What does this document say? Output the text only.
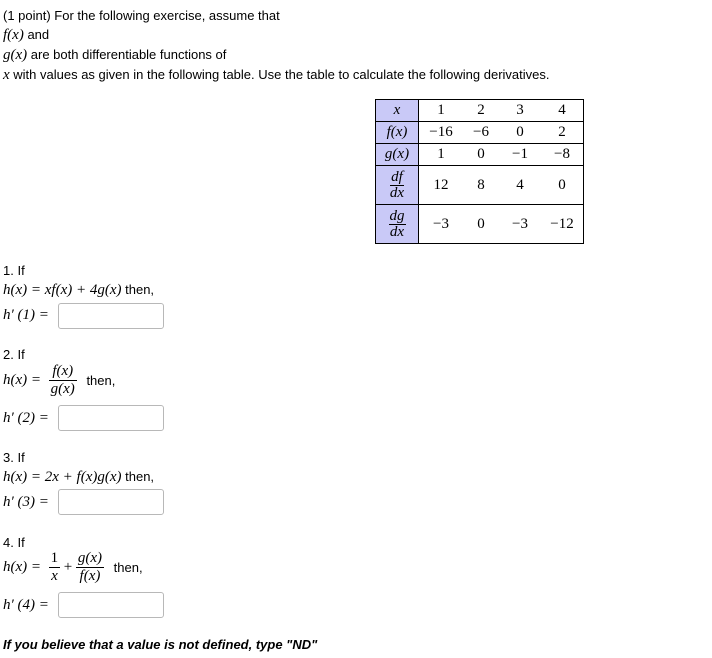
(1 point) For the following exercise, assume that
f(x) and
g(x) are both differentiable functions of
x with values as given in the following table. Use the table to calculate the following derivatives.
x	1	2	3	4
f(x)	−16	−6	0	2
g(x)	1	0	−1	−8

$\frac{df}{dx}$	12	8	4	0

$\frac{dg}{dx}$	−3	0	−3	−12
1. If
h(x) = xf(x) + 4g(x) then,
h′ (1) =
2. If
$h(x) = \frac{f(x)}{g(x)}$ then,
h′ (2) =
3. If
h(x) = 2x + f(x)g(x) then,
h′ (3) =
4. If
$h(x) = \frac{1}{x} + \frac{g(x)}{f(x)}$ then,
h′ (4) =
If you believe that a value is not defined, type "ND"
